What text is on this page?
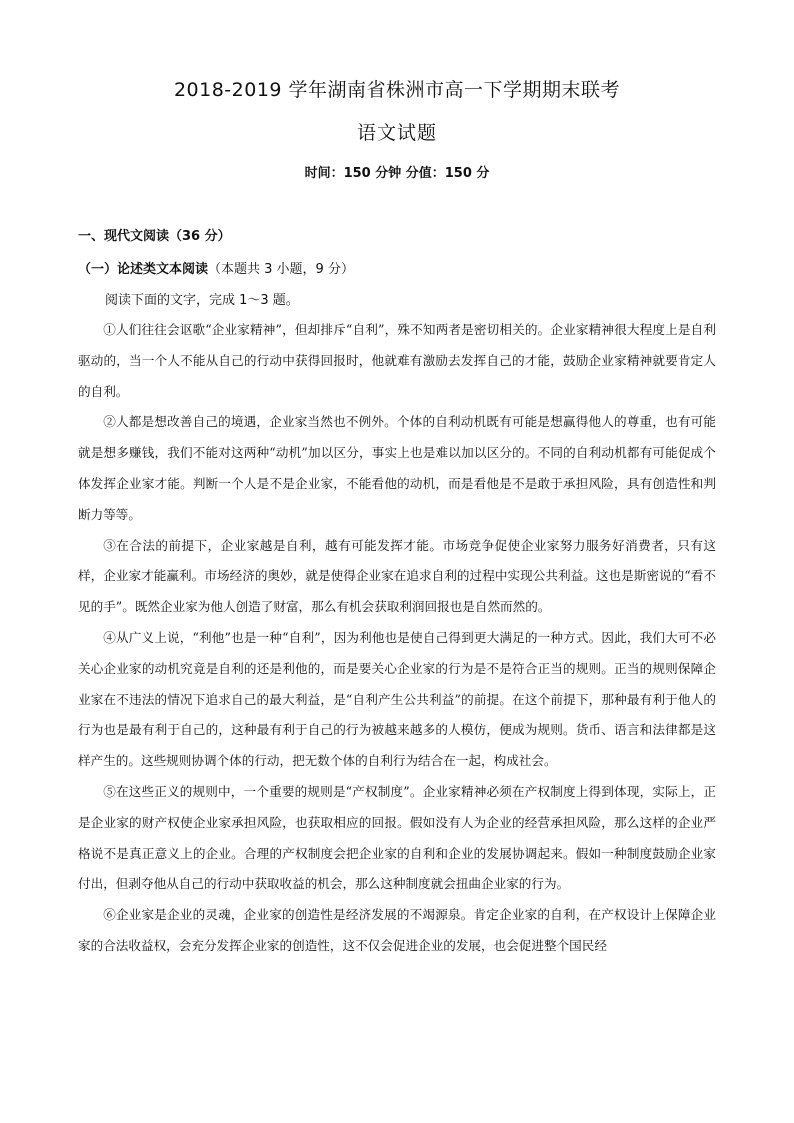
2018-2019 学年湖南省株洲市高一下学期期末联考
语文试题
时间：150 分钟 分值：150 分
一、现代文阅读（36 分）
（一）论述类文本阅读（本题共 3 小题，9 分）
阅读下面的文字，完成 1～3 题。

①人们往往会讴歌“企业家精神”，但却排斥“自利”，殊不知两者是密切相关的。企业家精神很大程度上是自利驱动的，当一个人不能从自己的行动中获得回报时，他就难有激励去发挥自己的才能，鼓励企业家精神就要肯定人的自利。

②人都是想改善自己的境遇，企业家当然也不例外。个体的自利动机既有可能是想赢得他人的尊重，也有可能就是想多赚钱，我们不能对这两种“动机”加以区分，事实上也是难以加以区分的。不同的自利动机都有可能促成个体发挥企业家才能。判断一个人是不是企业家，不能看他的动机，而是看他是不是敢于承担风险，具有创造性和判断力等等。

③在合法的前提下，企业家越是自利，越有可能发挥才能。市场竞争促使企业家努力服务好消费者，只有这样，企业家才能赢利。市场经济的奥妙，就是使得企业家在追求自利的过程中实现公共利益。这也是斯密说的“看不见的手”。既然企业家为他人创造了财富，那么有机会获取利润回报也是自然而然的。

④从广义上说，“利他”也是一种“自利”，因为利他也是使自己得到更大满足的一种方式。因此，我们大可不必关心企业家的动机究竟是自利的还是利他的，而是要关心企业家的行为是不是符合正当的规则。正当的规则保障企业家在不违法的情况下追求自己的最大利益，是“自利产生公共利益”的前提。在这个前提下，那种最有利于他人的行为也是最有利于自己的，这种最有利于自己的行为被越来越多的人模仿，便成为规则。货币、语言和法律都是这样产生的。这些规则协调个体的行动，把无数个体的自利行为结合在一起，构成社会。

⑤在这些正义的规则中，一个重要的规则是“产权制度”。企业家精神必须在产权制度上得到体现，实际上，正是企业家的财产权使企业家承担风险，也获取相应的回报。假如没有人为企业的经营承担风险，那么这样的企业严格说不是真正意义上的企业。合理的产权制度会把企业家的自利和企业的发展协调起来。假如一种制度鼓励企业家付出，但剥夺他从自己的行动中获取收益的机会，那么这种制度就会扭曲企业家的行为。

⑥企业家是企业的灵魂，企业家的创造性是经济发展的不竭源泉。肯定企业家的自利，在产权设计上保障企业家的合法收益权，会充分发挥企业家的创造性，这不仅会促进企业的发展，也会促进整个国民经
